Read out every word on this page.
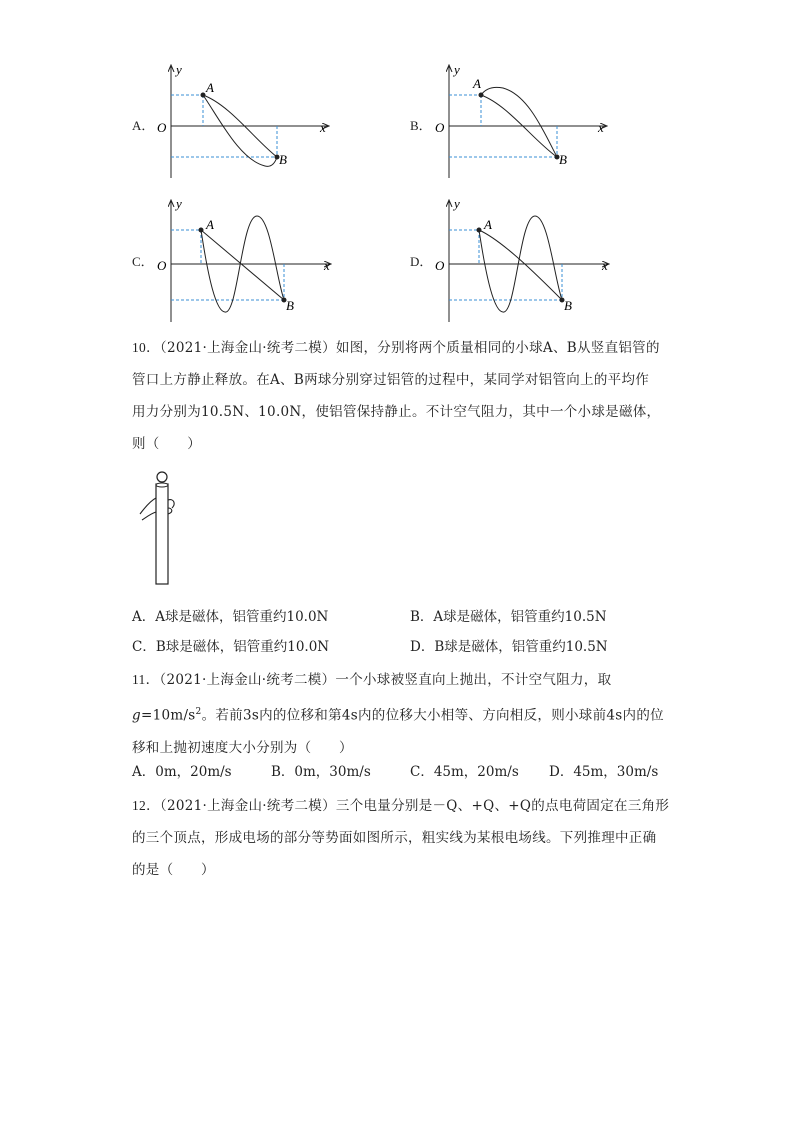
A．	B．
C．	D．
y
x
O
A
B
y
x
O
A
B
y
x
O
A
B
y
x
O
A
B
10．（2021·上海金山·统考二模）如图，分别将两个质量相同的小球A、B从竖直铝管的
管口上方静止释放。在A、B两球分别穿过铝管的过程中，某同学对铝管向上的平均作
用力分别为10.5N、10.0N，使铝管保持静止。不计空气阻力，其中一个小球是磁体，
则（　　）
A．A球是磁体，铝管重约10.0N	B．A球是磁体，铝管重约10.5N
C．B球是磁体，铝管重约10.0N	D．B球是磁体，铝管重约10.5N
11．（2021·上海金山·统考二模）一个小球被竖直向上抛出，不计空气阻力，取
$g=10m/s^2$。若前3s内的位移和第4s内的位移大小相等、方向相反，则小球前4s内的位
移和上抛初速度大小分别为（　　）
A．0m，20m/s	B．0m，30m/s	C．45m，20m/s D．45m，30m/s
12．（2021·上海金山·统考二模）三个电量分别是－Q、+Q、+Q的点电荷固定在三角形
的三个顶点，形成电场的部分等势面如图所示，粗实线为某根电场线。下列推理中正确
的是（　　）
